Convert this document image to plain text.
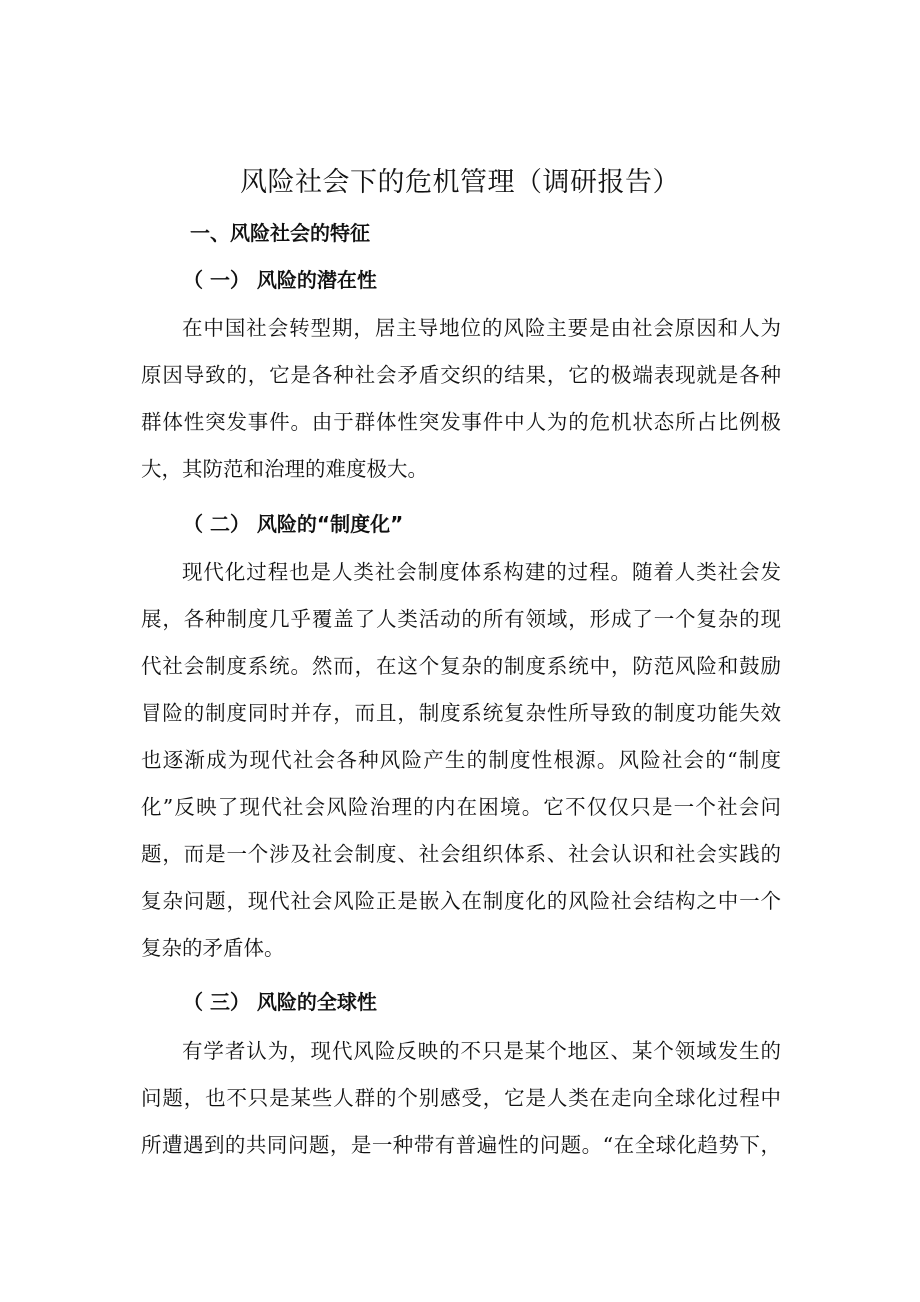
风险社会下的危机管理（调研报告）
一、风险社会的特征
（ 一） 风险的潜在性
在中国社会转型期，居主导地位的风险主要是由社会原因和人为
原因导致的，它是各种社会矛盾交织的结果，它的极端表现就是各种
群体性突发事件。由于群体性突发事件中人为的危机状态所占比例极
大，其防范和治理的难度极大。
（ 二） 风险的“制度化”
现代化过程也是人类社会制度体系构建的过程。随着人类社会发
展，各种制度几乎覆盖了人类活动的所有领域，形成了一个复杂的现
代社会制度系统。然而，在这个复杂的制度系统中，防范风险和鼓励
冒险的制度同时并存，而且，制度系统复杂性所导致的制度功能失效
也逐渐成为现代社会各种风险产生的制度性根源。风险社会的“制度
化”反映了现代社会风险治理的内在困境。它不仅仅只是一个社会问
题，而是一个涉及社会制度、社会组织体系、社会认识和社会实践的
复杂问题，现代社会风险正是嵌入在制度化的风险社会结构之中一个
复杂的矛盾体。
（ 三） 风险的全球性
有学者认为，现代风险反映的不只是某个地区、某个领域发生的
问题，也不只是某些人群的个别感受，它是人类在走向全球化过程中
所遭遇到的共同问题，是一种带有普遍性的问题。“在全球化趋势下，
